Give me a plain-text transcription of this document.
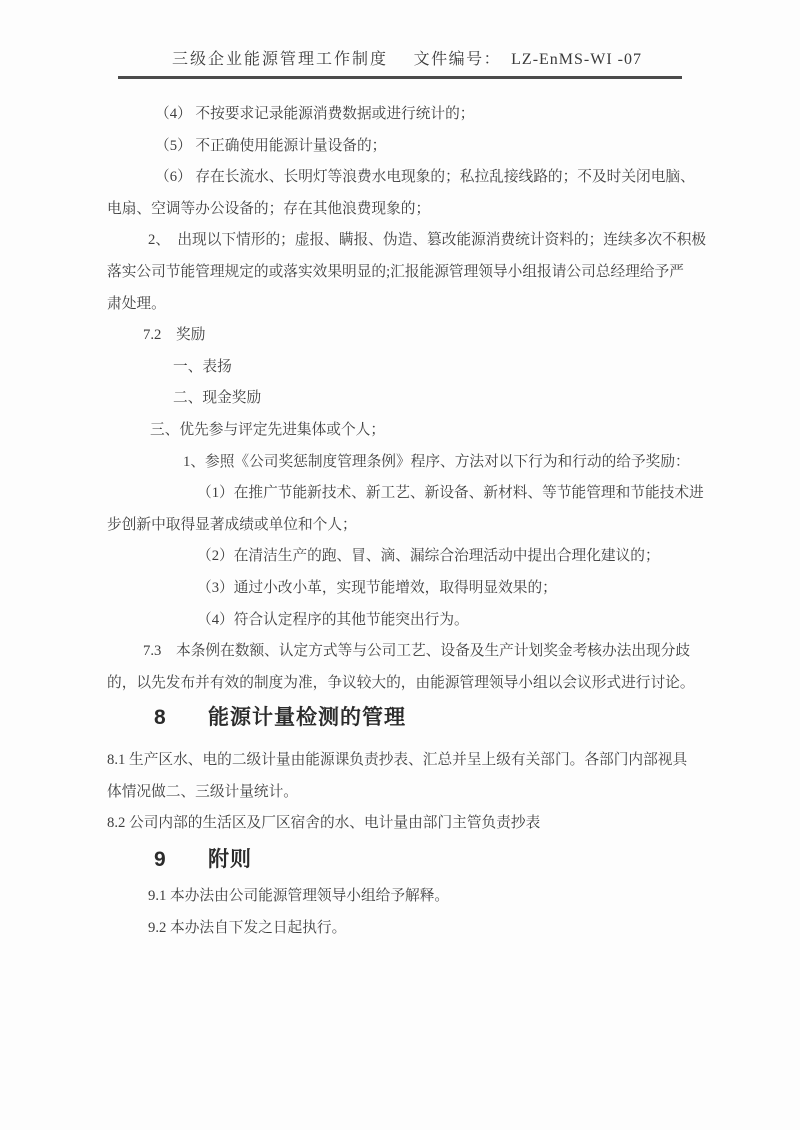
三级企业能源管理工作制度 文件编号： LZ-EnMS-WI -07
（4） 不按要求记录能源消费数据或进行统计的；
（5） 不正确使用能源计量设备的；
（6） 存在长流水、长明灯等浪费水电现象的；私拉乱接线路的；不及时关闭电脑、
电扇、空调等办公设备的；存在其他浪费现象的；
2、　出现以下情形的；虚报、瞒报、伪造、篡改能源消费统计资料的；连续多次不积极
落实公司节能管理规定的或落实效果明显的;汇报能源管理领导小组报请公司总经理给予严
肃处理。
7.2　奖励
一、表扬
二、现金奖励
三、优先参与评定先进集体或个人；
1、参照《公司奖惩制度管理条例》程序、方法对以下行为和行动的给予奖励：
（1）在推广节能新技术、新工艺、新设备、新材料、等节能管理和节能技术进
步创新中取得显著成绩或单位和个人；
（2）在清洁生产的跑、冒、滴、漏综合治理活动中提出合理化建议的；
（3）通过小改小革，实现节能增效，取得明显效果的；
（4）符合认定程序的其他节能突出行为。
7.3　本条例在数额、认定方式等与公司工艺、设备及生产计划奖金考核办法出现分歧
的，以先发布并有效的制度为准，争议较大的，由能源管理领导小组以会议形式进行讨论。
8 能源计量检测的管理
8.1 生产区水、电的二级计量由能源课负责抄表、汇总并呈上级有关部门。各部门内部视具
体情况做二、三级计量统计。
8.2 公司内部的生活区及厂区宿舍的水、电计量由部门主管负责抄表
9 附则
9.1 本办法由公司能源管理领导小组给予解释。
9.2 本办法自下发之日起执行。
